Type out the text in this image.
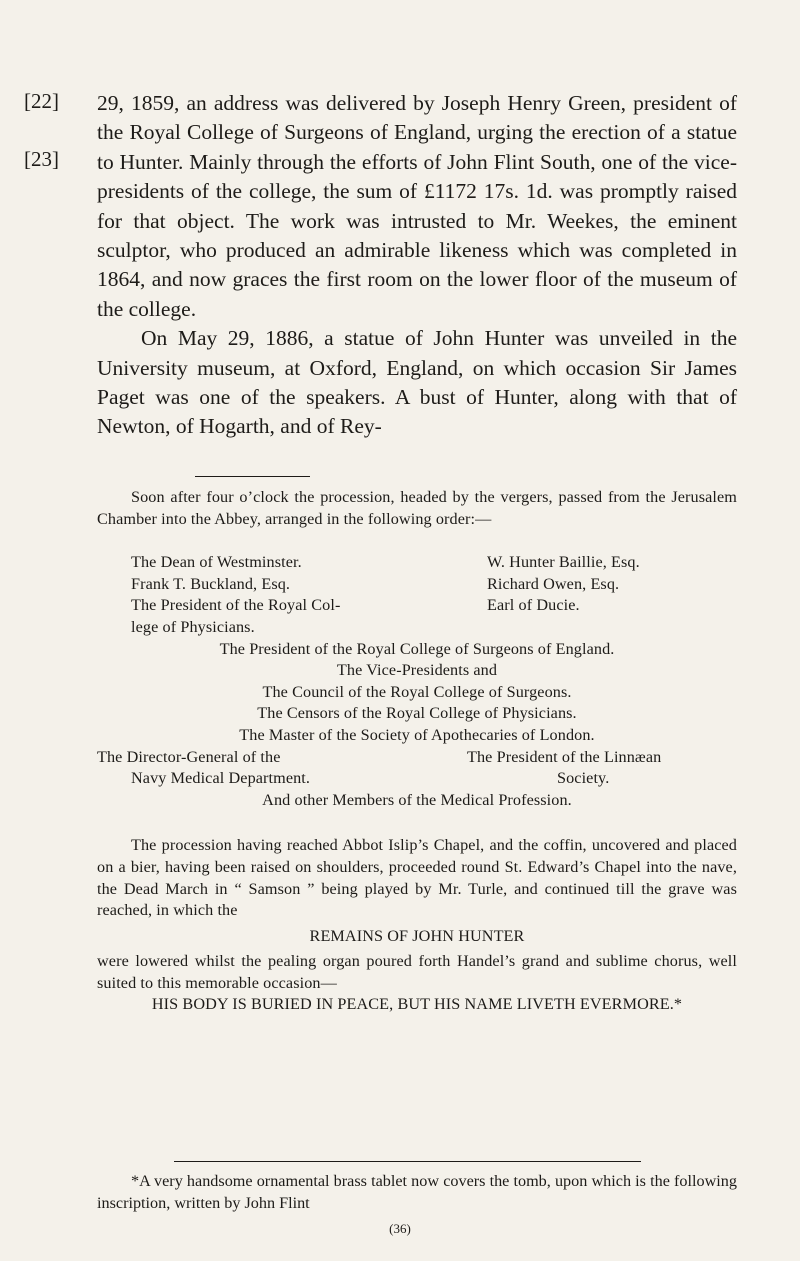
[22]
[23]

29, 1859, an address was delivered by Joseph Henry Green, president of the Royal College of Surgeons of England, urging the erection of a statue to Hunter. Mainly through the efforts of John Flint South, one of the vice-presidents of the college, the sum of £1172 17s. 1d. was promptly raised for that object. The work was intrusted to Mr. Weekes, the eminent sculptor, who produced an admirable likeness which was completed in 1864, and now graces the first room on the lower floor of the museum of the college.

On May 29, 1886, a statue of John Hunter was unveiled in the University museum, at Oxford, England, on which occasion Sir James Paget was one of the speakers. A bust of Hunter, along with that of Newton, of Hogarth, and of Rey-

Soon after four o’clock the procession, headed by the vergers, passed from the Jerusalem Chamber into the Abbey, arranged in the following order:—

The Dean of Westminster.	W. Hunter Baillie, Esq.
Frank T. Buckland, Esq.	Richard Owen, Esq.
The President of the Royal Col-	Earl of Ducie.
lege of Physicians.
The President of the Royal College of Surgeons of England.
The Vice-Presidents and
The Council of the Royal College of Surgeons.
The Censors of the Royal College of Physicians.
The Master of the Society of Apothecaries of London.
The Director-General of the	The President of the Linnæan
Navy Medical Department.	Society.
And other Members of the Medical Profession.

The procession having reached Abbot Islip’s Chapel, and the coffin, uncovered and placed on a bier, having been raised on shoulders, proceeded round St. Edward’s Chapel into the nave, the Dead March in “ Samson ” being played by Mr. Turle, and continued till the grave was reached, in which the

REMAINS OF JOHN HUNTER

were lowered whilst the pealing organ poured forth Handel’s grand and sublime chorus, well suited to this memorable occasion—

HIS BODY IS BURIED IN PEACE, BUT HIS NAME LIVETH EVERMORE.*

*A very handsome ornamental brass tablet now covers the tomb, upon which is the following inscription, written by John Flint

(36)
